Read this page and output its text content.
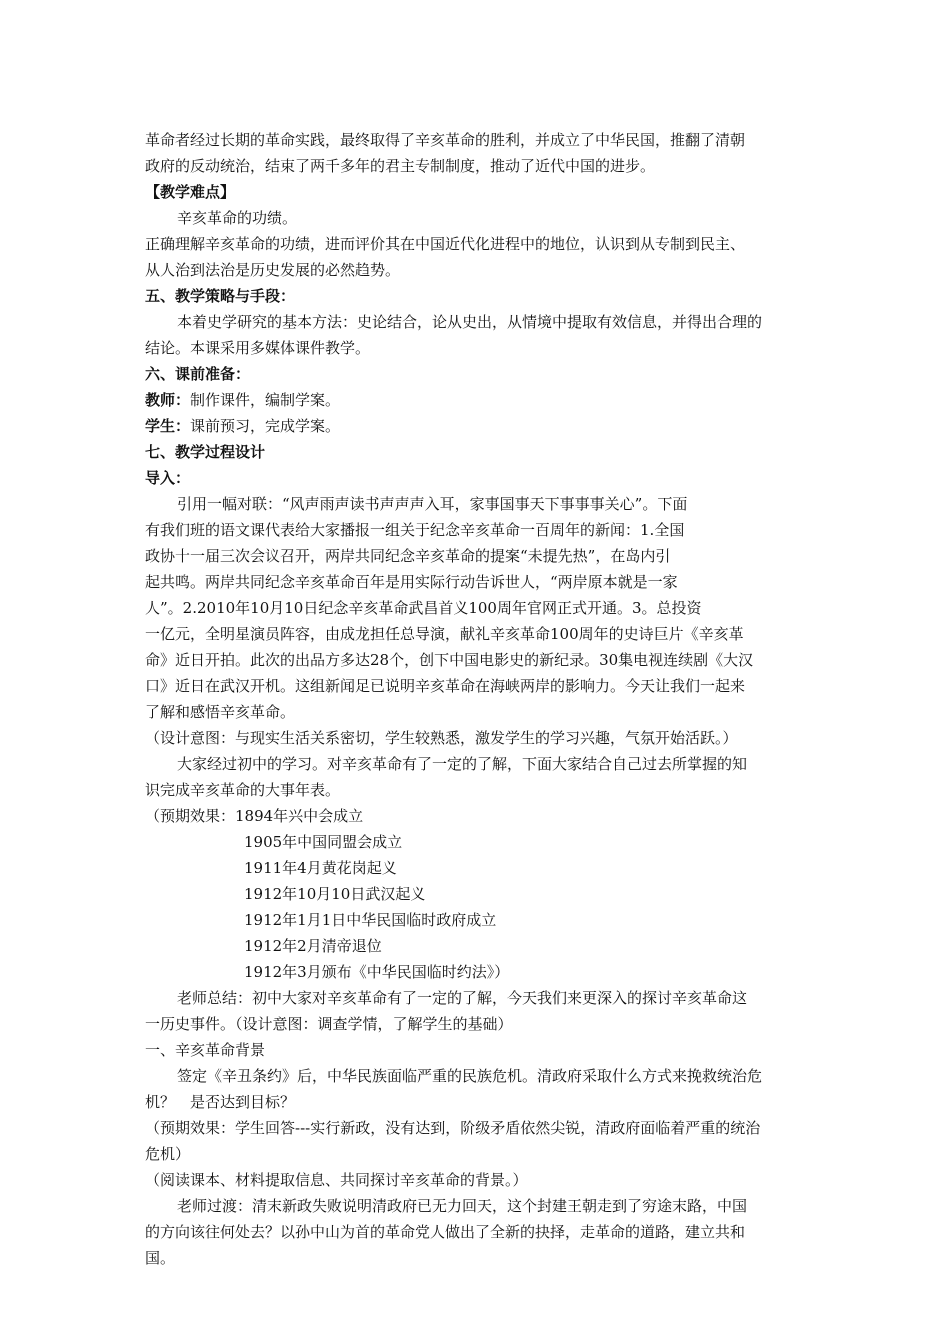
革命者经过长期的革命实践，最终取得了辛亥革命的胜利，并成立了中华民国，推翻了清朝
政府的反动统治，结束了两千多年的君主专制制度，推动了近代中国的进步。
【教学难点】
辛亥革命的功绩。
正确理解辛亥革命的功绩，进而评价其在中国近代化进程中的地位，认识到从专制到民主、
从人治到法治是历史发展的必然趋势。
五、教学策略与手段：
本着史学研究的基本方法：史论结合，论从史出，从情境中提取有效信息，并得出合理的
结论。本课采用多媒体课件教学。
六、课前准备：
教师：制作课件，编制学案。
学生：课前预习，完成学案。
七、教学过程设计
导入：
引用一幅对联：“风声雨声读书声声声入耳，家事国事天下事事事关心”。下面
有我们班的语文课代表给大家播报一组关于纪念辛亥革命一百周年的新闻：1.全国
政协十一届三次会议召开，两岸共同纪念辛亥革命的提案“未提先热”，在岛内引
起共鸣。两岸共同纪念辛亥革命百年是用实际行动告诉世人，“两岸原本就是一家
人”。2.2010年10月10日纪念辛亥革命武昌首义100周年官网正式开通。3。总投资
一亿元，全明星演员阵容，由成龙担任总导演，献礼辛亥革命100周年的史诗巨片《辛亥革
命》近日开拍。此次的出品方多达28个，创下中国电影史的新纪录。30集电视连续剧《大汉
口》近日在武汉开机。这组新闻足已说明辛亥革命在海峡两岸的影响力。今天让我们一起来
了解和感悟辛亥革命。
（设计意图：与现实生活关系密切，学生较熟悉，激发学生的学习兴趣，气氛开始活跃。）
大家经过初中的学习。对辛亥革命有了一定的了解，下面大家结合自己过去所掌握的知
识完成辛亥革命的大事年表。
（预期效果：1894年兴中会成立
1905年中国同盟会成立
1911年4月黄花岗起义
1912年10月10日武汉起义
1912年1月1日中华民国临时政府成立
1912年2月清帝退位
1912年3月颁布《中华民国临时约法》）
老师总结：初中大家对辛亥革命有了一定的了解，今天我们来更深入的探讨辛亥革命这
一历史事件。（设计意图：调查学情，了解学生的基础）
一、辛亥革命背景
签定《辛丑条约》后，中华民族面临严重的民族危机。清政府采取什么方式来挽救统治危
机？　是否达到目标？
（预期效果：学生回答---实行新政，没有达到，阶级矛盾依然尖锐，清政府面临着严重的统治
危机）
（阅读课本、材料提取信息、共同探讨辛亥革命的背景。）
老师过渡：清末新政失败说明清政府已无力回天，这个封建王朝走到了穷途末路，中国
的方向该往何处去？以孙中山为首的革命党人做出了全新的抉择，走革命的道路，建立共和
国。
